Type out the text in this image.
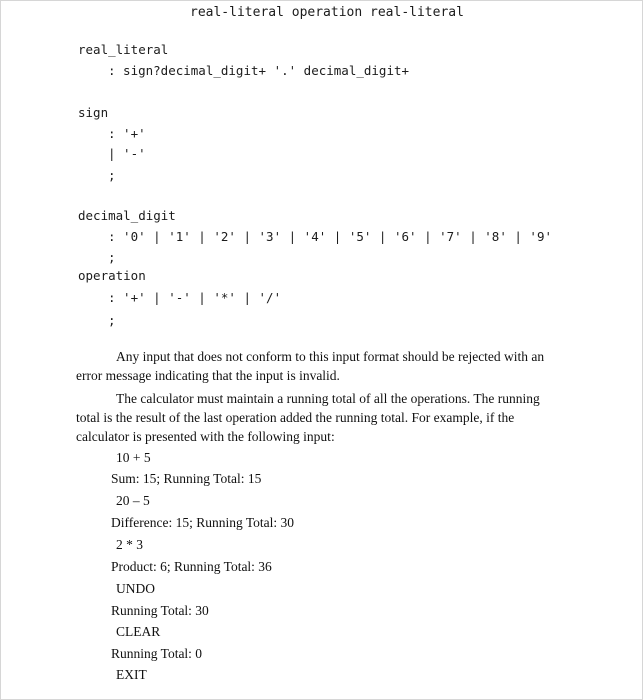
real-literal operation real-literal
real_literal
: sign?decimal_digit+ '.' decimal_digit+
sign
: '+'
| '-'
;
decimal_digit
: '0' | '1' | '2' | '3' | '4' | '5' | '6' | '7' | '8' | '9'
;
operation
: '+' | '-' | '*' | '/'
;
Any input that does not conform to this input format should be rejected with an error message indicating that the input is invalid.
The calculator must maintain a running total of all the operations. The running total is the result of the last operation added the running total. For example, if the calculator is presented with the following input:
10 + 5
Sum: 15; Running Total: 15
20 – 5
Difference: 15; Running Total: 30
2 * 3
Product: 6; Running Total: 36
UNDO
Running Total: 30
CLEAR
Running Total: 0
EXIT
